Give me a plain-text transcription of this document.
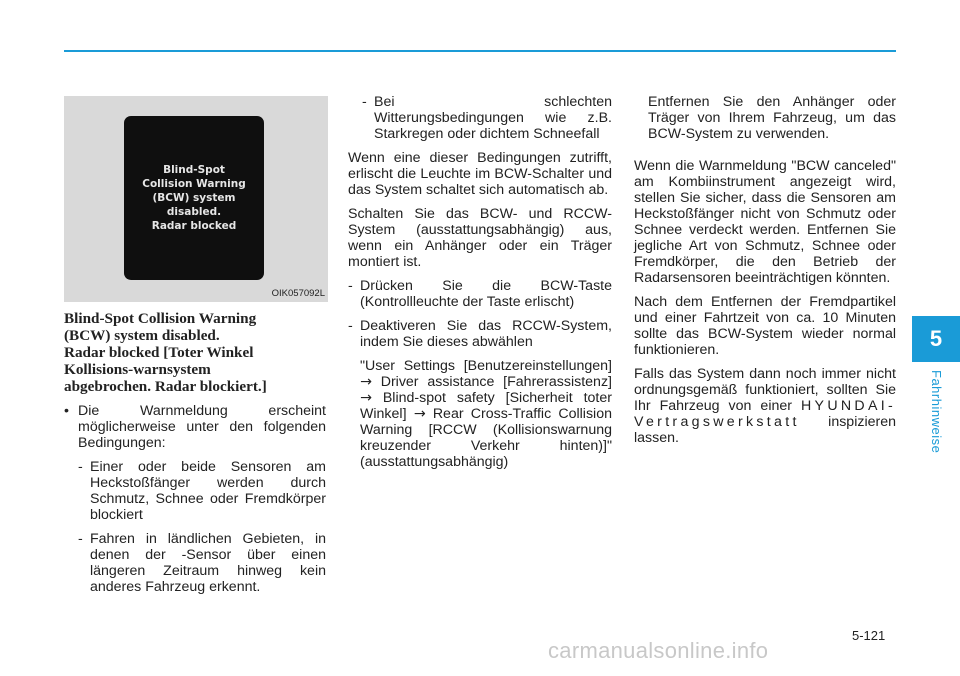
5
Fahrhinweise
Blind-Spot
Collision Warning
(BCW) system
disabled.
Radar blocked
OIK057092L
Blind-Spot Collision Warning
(BCW) system disabled.
Radar blocked [Toter Winkel
Kollisions-warnsystem
abgebrochen. Radar blockiert.]
• Die Warnmeldung erscheint möglicherweise unter den folgenden Bedingungen:
- Einer oder beide Sensoren am Heckstoßfänger werden durch Schmutz, Schnee oder Fremdkörper blockiert
- Fahren in ländlichen Gebieten, in denen der -Sensor über einen längeren Zeitraum hinweg kein anderes Fahrzeug erkennt.
- Bei schlechten Witterungsbedingungen wie z.B. Starkregen oder dichtem Schneefall

Wenn eine dieser Bedingungen zutrifft, erlischt die Leuchte im BCW-Schalter und das System schaltet sich automatisch ab.

Schalten Sie das BCW- und RCCW-System (ausstattungsabhängig) aus, wenn ein Anhänger oder ein Träger montiert ist.

- Drücken Sie die BCW-Taste (Kontrollleuchte der Taste erlischt)
- Deaktiveren Sie das RCCW-System, indem Sie dieses abwählen
"User Settings [Benutzereinstellungen] → Driver assistance [Fahrerassistenz] → Blind-spot safety [Sicherheit toter Winkel] → Rear Cross-Traffic Collision Warning [RCCW (Kollisionswarnung kreuzender Verkehr hinten)]" (ausstattungsabhängig)

Entfernen Sie den Anhänger oder Träger von Ihrem Fahrzeug, um das BCW-System zu verwenden.

Wenn die Warnmeldung "BCW canceled" am Kombiinstrument angezeigt wird, stellen Sie sicher, dass die Sensoren am Heckstoßfänger nicht von Schmutz oder Schnee verdeckt werden. Entfernen Sie jegliche Art von Schmutz, Schnee oder Fremdkörper, die den Betrieb der Radarsensoren beeinträchtigen könnten.

Nach dem Entfernen der Fremdpartikel und einer Fahrtzeit von ca. 10 Minuten sollte das BCW-System wieder normal funktionieren.

Falls das System dann noch immer nicht ordnungsgemäß funktioniert, sollten Sie Ihr Fahrzeug von einer HYUNDAI-Vertragswerkstatt inspizieren lassen.

5-121
carmanualsonline.info
